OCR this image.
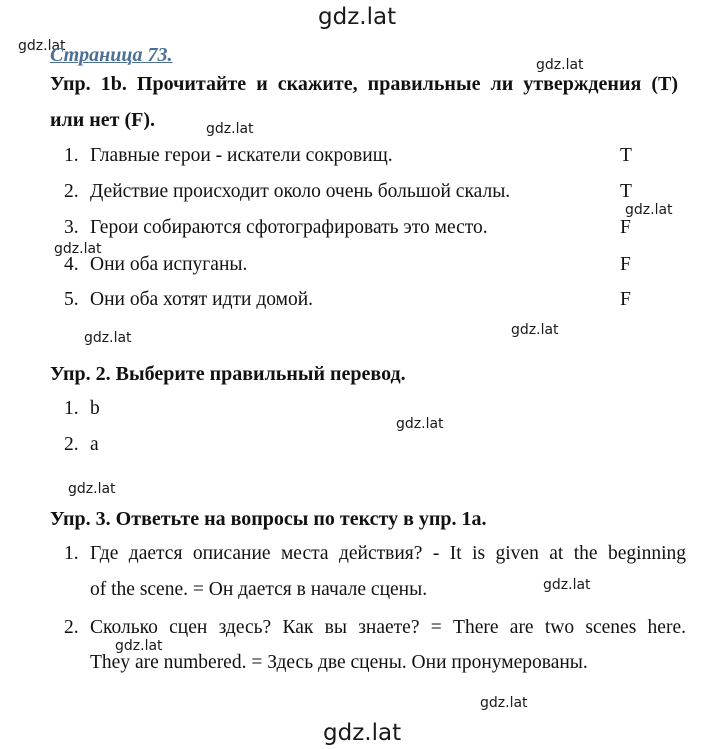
gdz.lat
gdz.lat
gdz.lat
gdz.lat
gdz.lat
gdz.lat
gdz.lat	gdz.lat
gdz.lat
gdz.lat
gdz.lat
gdz.lat
gdz.lat
gdz.lat
Страница 73.
Упр. 1b. Прочитайте и скажите, правильные ли утверждения (T)
или нет (F).
1. Главные герои - искатели сокровищ.	T
2. Действие происходит около очень большой скалы.	T
3. Герои собираются сфотографировать это место.	F
4. Они оба испуганы.	F
5. Они оба хотят идти домой.	F
Упр. 2. Выберите правильный перевод.
1. b
2. a
Упр. 3. Ответьте на вопросы по тексту в упр. 1a.
1. Где дается описание места действия? - It is given at the beginning
of the scene. = Он дается в начале сцены.
2. Сколько сцен здесь? Как вы знаете? = There are two scenes here.
They are numbered. = Здесь две сцены. Они пронумерованы.
